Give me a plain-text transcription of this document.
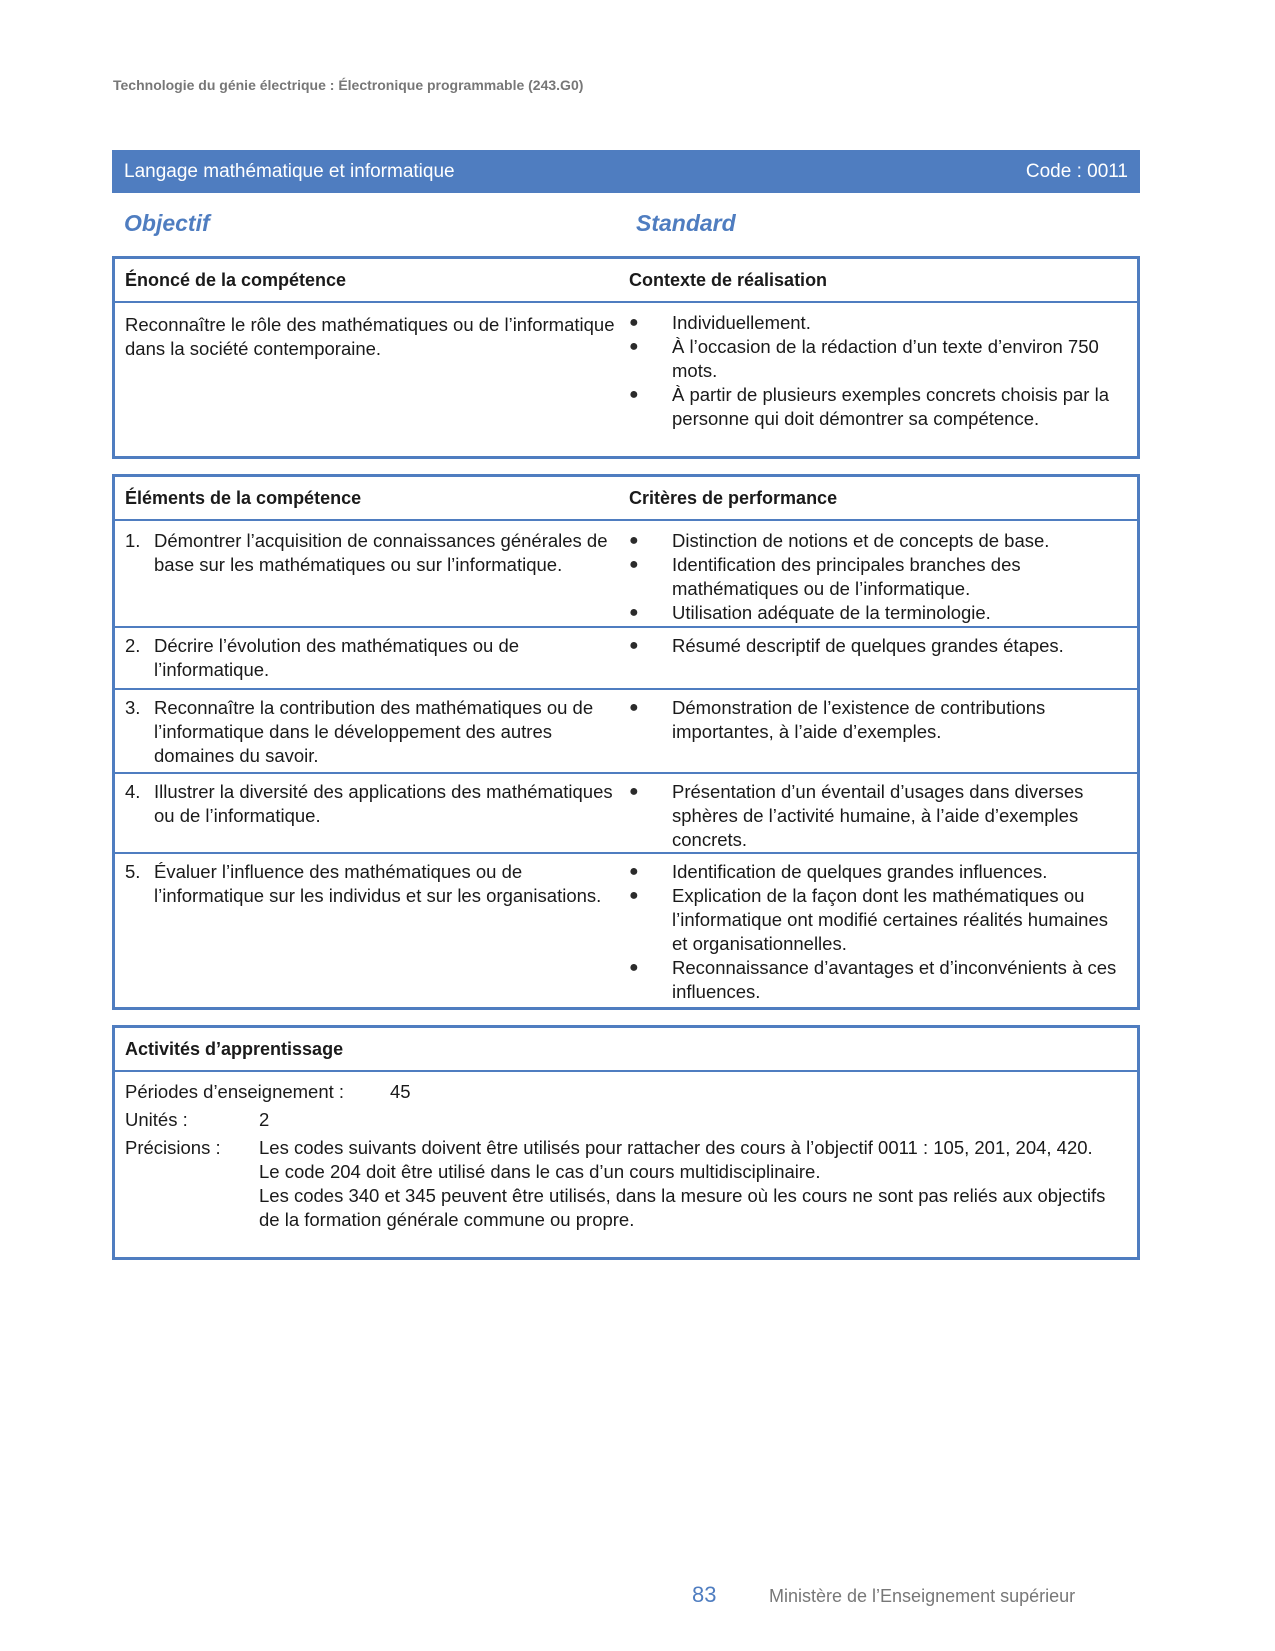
Technologie du génie électrique : Électronique programmable (243.G0)
Langage mathématique et informatique	Code : 0011
Objectif	Standard
Énoncé de la compétence	Contexte de réalisation
Reconnaître le rôle des mathématiques ou de l’informatique dans la société contemporaine.
●	Individuellement.
●	À l’occasion de la rédaction d’un texte d’environ 750 mots.
●	À partir de plusieurs exemples concrets choisis par la personne qui doit démontrer sa compétence.
Éléments de la compétence	Critères de performance
1. Démontrer l’acquisition de connaissances générales de base sur les mathématiques ou sur l’informatique.
●	Distinction de notions et de concepts de base.
●	Identification des principales branches des mathématiques ou de l’informatique.
●	Utilisation adéquate de la terminologie.
2. Décrire l’évolution des mathématiques ou de l’informatique.
●	Résumé descriptif de quelques grandes étapes.
3. Reconnaître la contribution des mathématiques ou de l’informatique dans le développement des autres domaines du savoir.
●	Démonstration de l’existence de contributions importantes, à l’aide d’exemples.
4. Illustrer la diversité des applications des mathématiques ou de l’informatique.
●	Présentation d’un éventail d’usages dans diverses sphères de l’activité humaine, à l’aide d’exemples concrets.
5. Évaluer l’influence des mathématiques ou de l’informatique sur les individus et sur les organisations.
●	Identification de quelques grandes influences.
●	Explication de la façon dont les mathématiques ou l’informatique ont modifié certaines réalités humaines et organisationnelles.
●	Reconnaissance d’avantages et d’inconvénients à ces influences.
Activités d’apprentissage
Périodes d’enseignement :	45
Unités :	2
Précisions :	Les codes suivants doivent être utilisés pour rattacher des cours à l’objectif 0011 : 105, 201, 204, 420.

Le code 204 doit être utilisé dans le cas d’un cours multidisciplinaire.

Les codes 340 et 345 peuvent être utilisés, dans la mesure où les cours ne sont pas reliés aux objectifs de la formation générale commune ou propre.

83	Ministère de l’Enseignement supérieur
